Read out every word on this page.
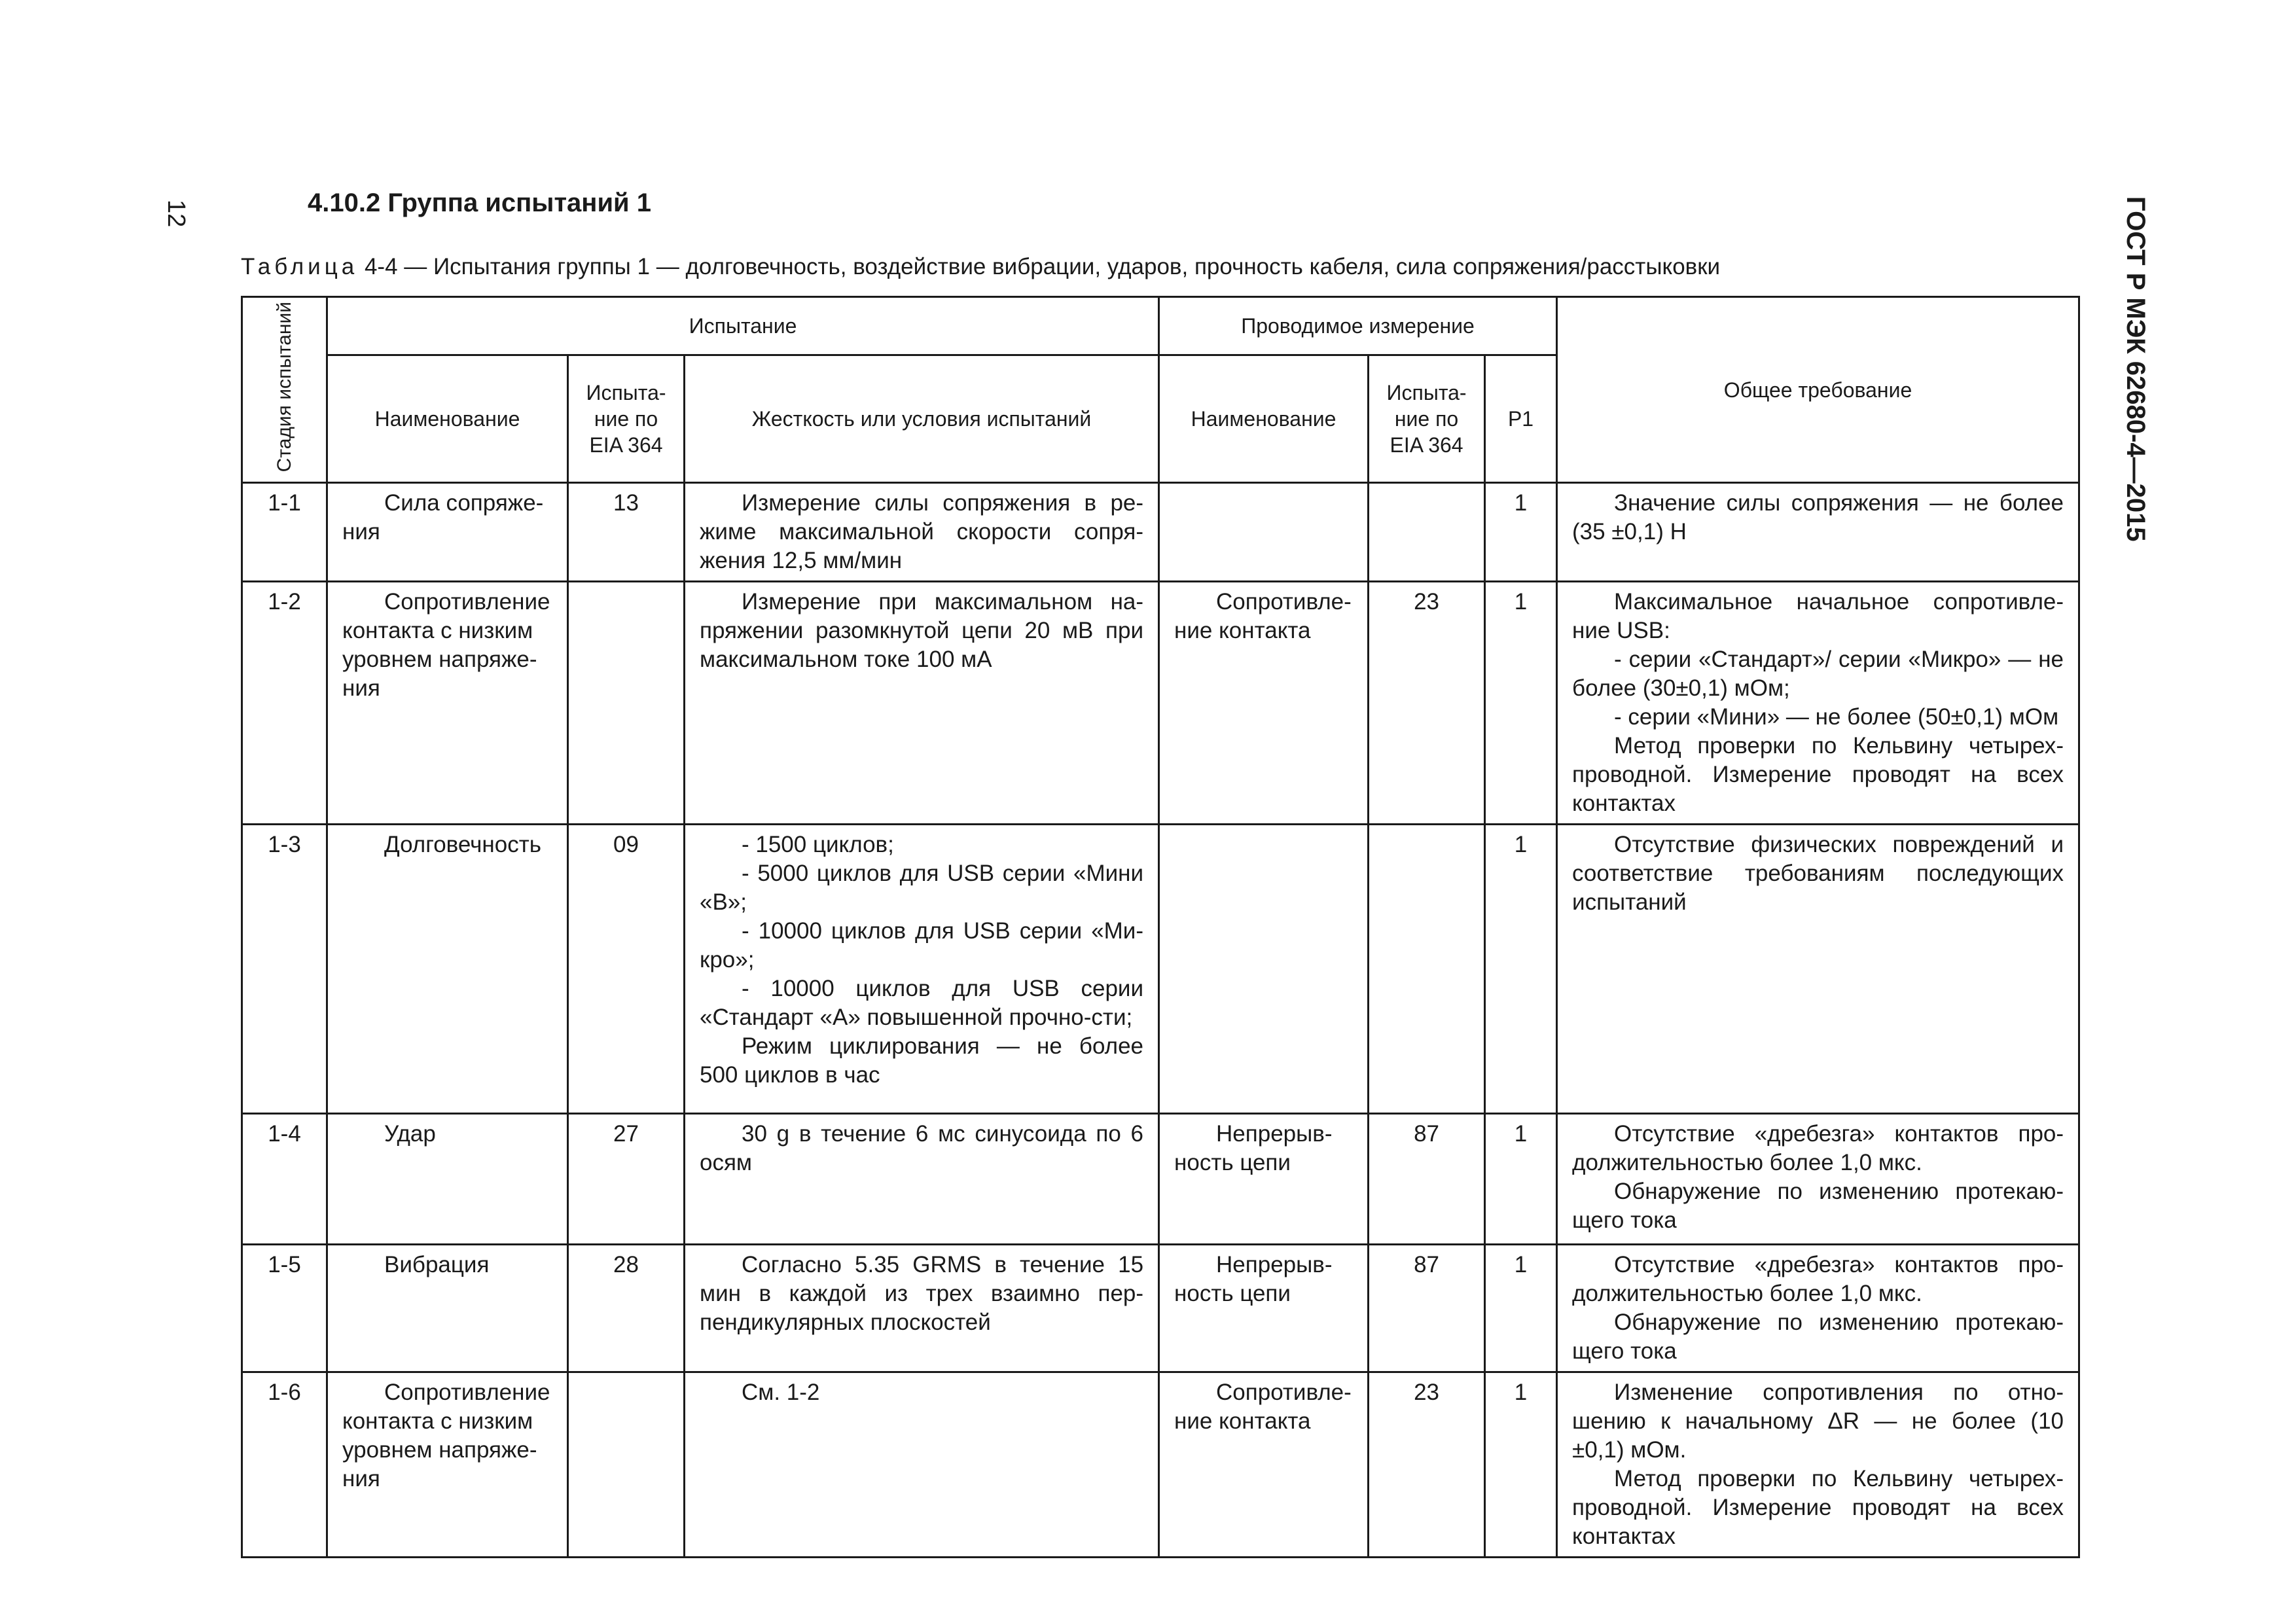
12	ГОСТ Р МЭК 62680-4—2015
4.10.2 Группа испытаний 1
Таблица 4-4 — Испытания группы 1 — долговечность, воздействие вибрации, ударов, прочность кабеля, сила сопряжения/расстыковки
Стадия испытаний	Испытание			Проводимое измерение			Общее требование
	Наименование	Испыта-ние по EIA 364	Жесткость или условия испытаний	Наименование	Испыта-ние по EIA 364	P1	
1-1	Сила сопряже-ния	13	Измерение силы сопряжения в ре-жиме максимальной скорости сопря-жения 12,5 мм/мин			1	Значение силы сопряжения — не более (35 ±0,1) Н

1-2	Сопротивление контакта с низким уровнем напряже-ния		Измерение при максимальном на-пряжении разомкнутой цепи 20 мВ при максимальном токе 100 мА	Сопротивле-ние контакта	23	1	Максимальное начальное сопротивле-ние USB:
- серии «Стандарт»/ серии «Микро» — не более (30±0,1) мОм;
- серии «Мини» — не более (50±0,1) мОм
Метод проверки по Кельвину четырех-проводной. Измерение проводят на всех контактах

1-3	Долговечность	09	- 1500 циклов;
- 5000 циклов для USB серии «Мини «В»;
- 10000 циклов для USB серии «Ми-кро»;
- 10000 циклов для USB серии «Стандарт «А» повышенной прочно-сти;
Режим циклирования — не более 500 циклов в час			1	Отсутствие физических повреждений и соответствие требованиям последующих испытаний

1-4	Удар	27	30 g в течение 6 мс синусоида по 6 осям	Непрерыв-ность цепи	87	1	Отсутствие «дребезга» контактов про-должительностью более 1,0 мкс.
Обнаружение по изменению протекаю-щего тока

1-5	Вибрация	28	Согласно 5.35 GRMS в течение 15 мин в каждой из трех взаимно пер-пендикулярных плоскостей	Непрерыв-ность цепи	87	1	Отсутствие «дребезга» контактов про-должительностью более 1,0 мкс.
Обнаружение по изменению протекаю-щего тока

1-6	Сопротивление контакта с низким уровнем напряже-ния		См. 1-2	Сопротивле-ние контакта	23	1	Изменение сопротивления по отно-шению к начальному ΔR — не более (10 ±0,1) мОм.
Метод проверки по Кельвину четырех-проводной. Измерение проводят на всех контактах
